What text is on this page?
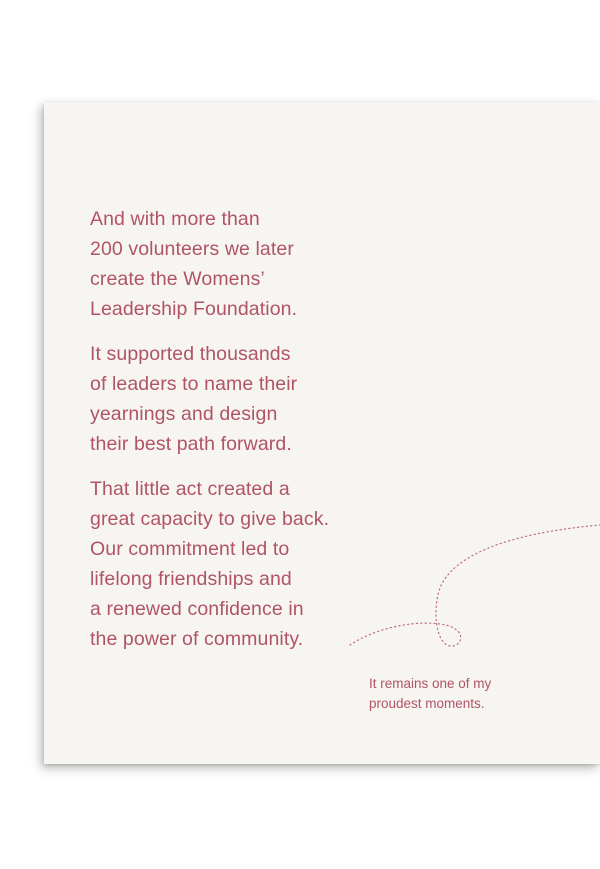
And with more than
200 volunteers we later
create the Womens’
Leadership Foundation.

It supported thousands
of leaders to name their
yearnings and design
their best path forward.

That little act created a
great capacity to give back.
Our commitment led to
lifelong friendships and
a renewed confidence in
the power of community.

It remains one of my
proudest moments.
